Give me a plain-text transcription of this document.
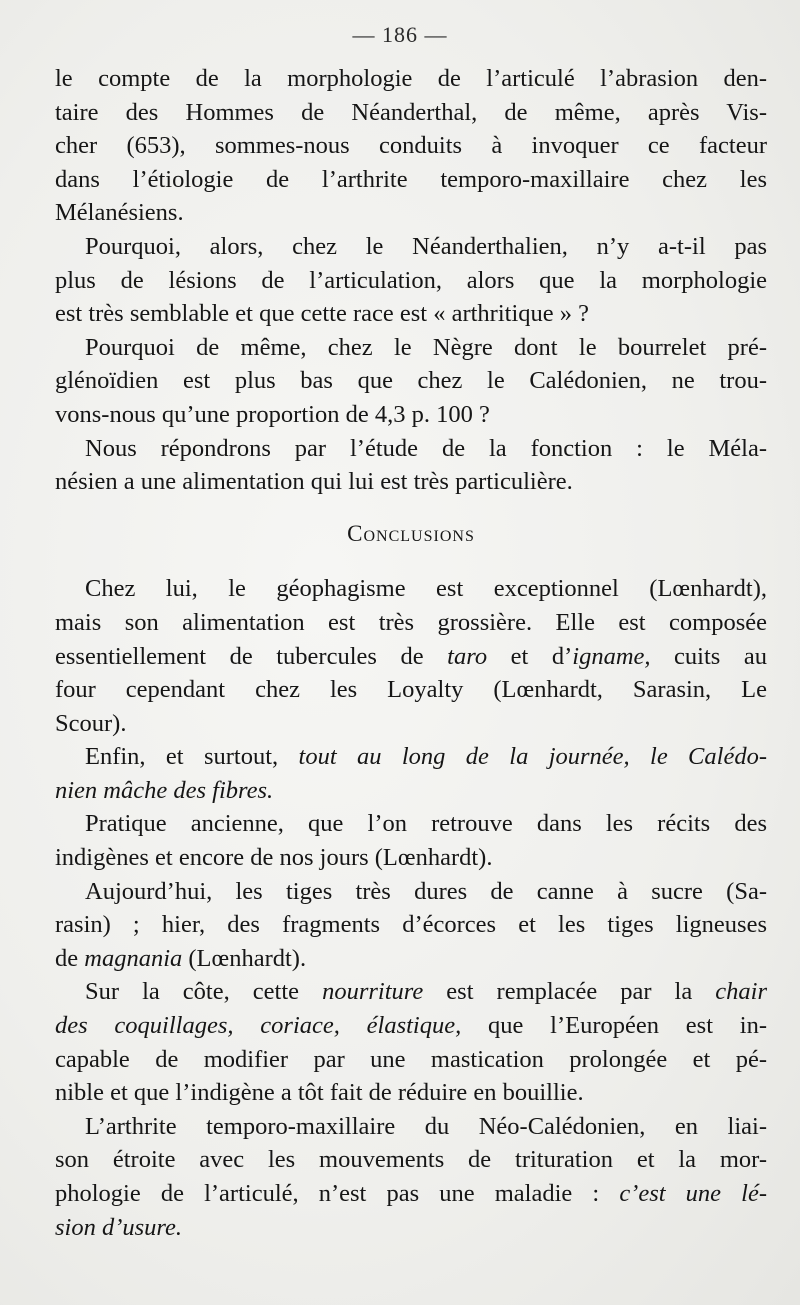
— 186 —
le compte de la morphologie de l’articulé l’abrasion den-
taire des Hommes de Néanderthal, de même, après Vis-
cher (653), sommes-nous conduits à invoquer ce facteur
dans l’étiologie de l’arthrite temporo-maxillaire chez les
Mélanésiens.
Pourquoi, alors, chez le Néanderthalien, n’y a-t-il pas
plus de lésions de l’articulation, alors que la morphologie
est très semblable et que cette race est « arthritique » ?
Pourquoi de même, chez le Nègre dont le bourrelet pré-
glénoïdien est plus bas que chez le Calédonien, ne trou-
vons-nous qu’une proportion de 4,3 p. 100 ?
Nous répondrons par l’étude de la fonction : le Méla-
nésien a une alimentation qui lui est très particulière.
Conclusions
Chez lui, le géophagisme est exceptionnel (Lœnhardt),
mais son alimentation est très grossière. Elle est composée
essentiellement de tubercules de taro et d’igname, cuits au
four cependant chez les Loyalty (Lœnhardt, Sarasin, Le
Scour).
Enfin, et surtout, tout au long de la journée, le Calédo-
nien mâche des fibres.
Pratique ancienne, que l’on retrouve dans les récits des
indigènes et encore de nos jours (Lœnhardt).
Aujourd’hui, les tiges très dures de canne à sucre (Sa-
rasin) ; hier, des fragments d’écorces et les tiges ligneuses
de magnania (Lœnhardt).
Sur la côte, cette nourriture est remplacée par la chair
des coquillages, coriace, élastique, que l’Européen est in-
capable de modifier par une mastication prolongée et pé-
nible et que l’indigène a tôt fait de réduire en bouillie.
L’arthrite temporo-maxillaire du Néo-Calédonien, en liai-
son étroite avec les mouvements de trituration et la mor-
phologie de l’articulé, n’est pas une maladie : c’est une lé-
sion d’usure.
